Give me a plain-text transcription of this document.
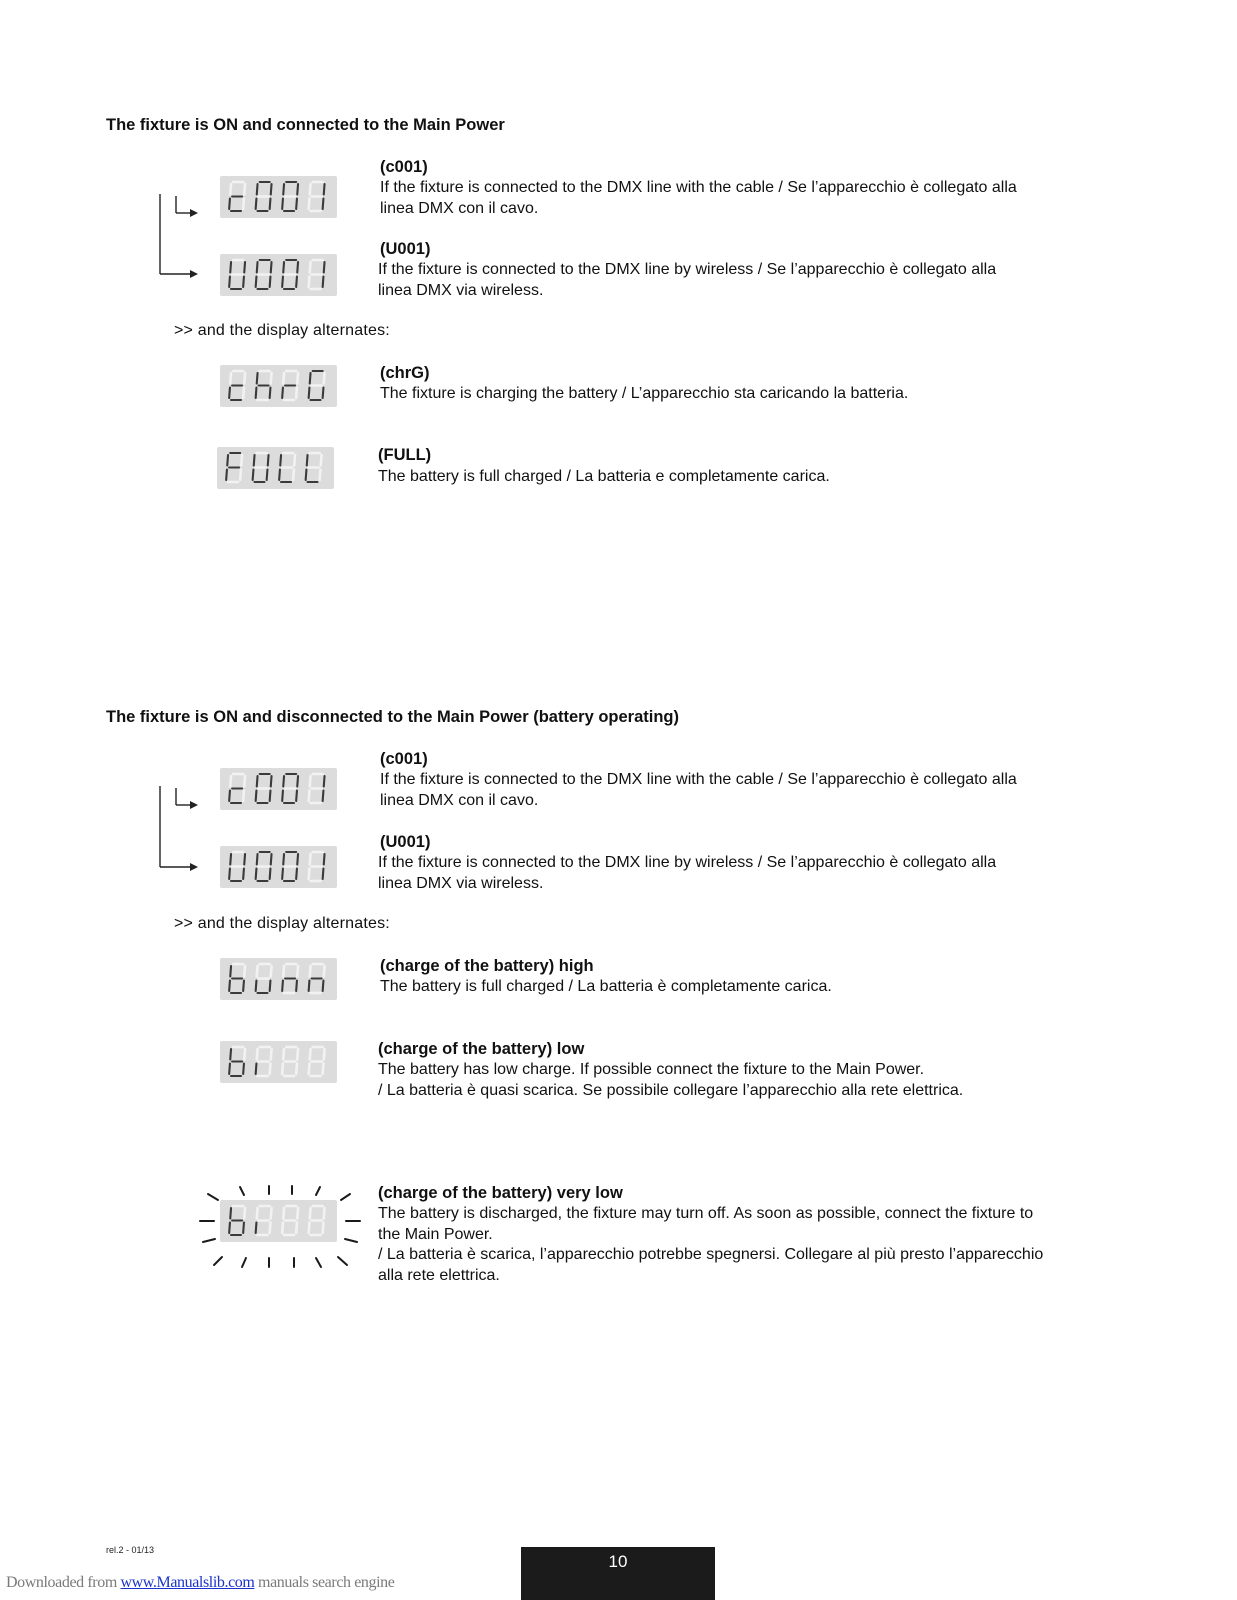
The fixture is ON and connected to the Main Power
(c001)
If the fixture is connected to the DMX line with the cable / Se l’apparecchio è collegato alla
linea DMX con il cavo.
(U001)
If the fixture is connected to the DMX line by wireless / Se l’apparecchio è collegato alla
linea DMX via wireless.
>> and the display alternates:
(chrG)
The fixture is charging the battery / L’apparecchio sta caricando la batteria.
(FULL)
The battery is full charged / La batteria e completamente carica.
The fixture is ON and disconnected to the Main Power (battery operating)
(c001)
If the fixture is connected to the DMX line with the cable / Se l’apparecchio è collegato alla
linea DMX con il cavo.
(U001)
If the fixture is connected to the DMX line by wireless / Se l’apparecchio è collegato alla
linea DMX via wireless.
>> and the display alternates:
(charge of the battery) high
The battery is full charged / La batteria è completamente carica.
(charge of the battery) low
The battery has low charge. If possible connect the fixture to the Main Power.
/ La batteria è quasi scarica. Se possibile collegare l’apparecchio alla rete elettrica.
(charge of the battery) very low
The battery is discharged, the fixture may turn off. As soon as possible, connect the fixture to
the Main Power.
/ La batteria è scarica, l’apparecchio potrebbe spegnersi. Collegare al più presto l’apparecchio
alla rete elettrica.
rel.2 - 01/13
10
Downloaded from www.Manualslib.com manuals search engine
